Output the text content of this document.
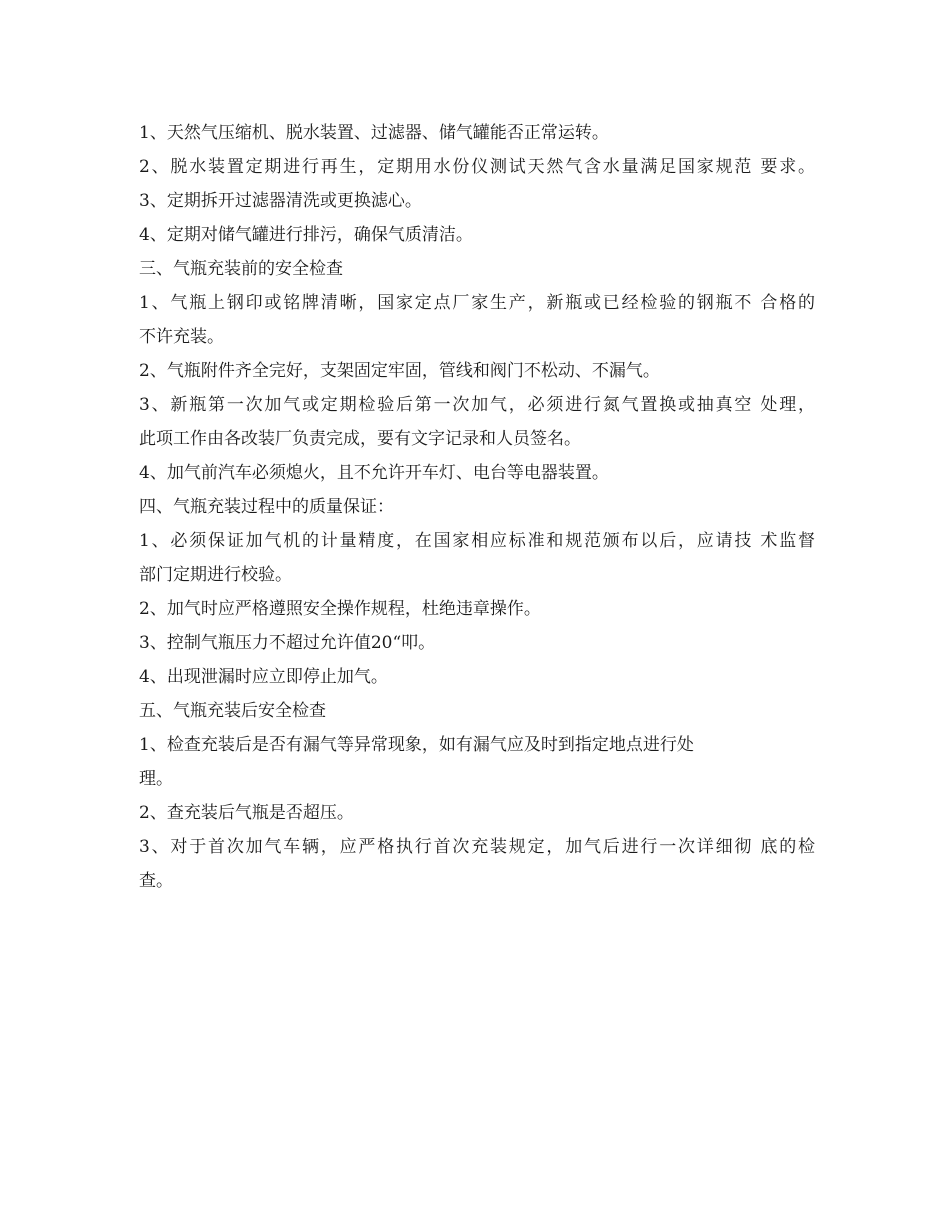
1、天然气压缩机、脱水装置、过滤器、储气罐能否正常运转。
2、脱水装置定期进行再生，定期用水份仪测试天然气含水量满足国家规范 要求。
3、定期拆开过滤器清洗或更换滤心。
4、定期对储气罐进行排污，确保气质清洁。
三、气瓶充装前的安全检查
1、气瓶上钢印或铭牌清晰，国家定点厂家生产，新瓶或已经检验的钢瓶不 合格的
不许充装。
2、气瓶附件齐全完好，支架固定牢固，管线和阀门不松动、不漏气。
3、新瓶第一次加气或定期检验后第一次加气，必须进行氮气置换或抽真空 处理，
此项工作由各改装厂负责完成，要有文字记录和人员签名。
4、加气前汽车必须熄火，且不允许开车灯、电台等电器装置。
四、气瓶充装过程中的质量保证：
1、必须保证加气机的计量精度，在国家相应标准和规范颁布以后，应请技 术监督
部门定期进行校验。
2、加气时应严格遵照安全操作规程，杜绝违章操作。
3、控制气瓶压力不超过允许值20“叩。
4、出现泄漏时应立即停止加气。
五、气瓶充装后安全检查
1、检查充装后是否有漏气等异常现象，如有漏气应及时到指定地点进行处
理。
2、查充装后气瓶是否超压。
3、对于首次加气车辆，应严格执行首次充装规定，加气后进行一次详细彻 底的检
查。
